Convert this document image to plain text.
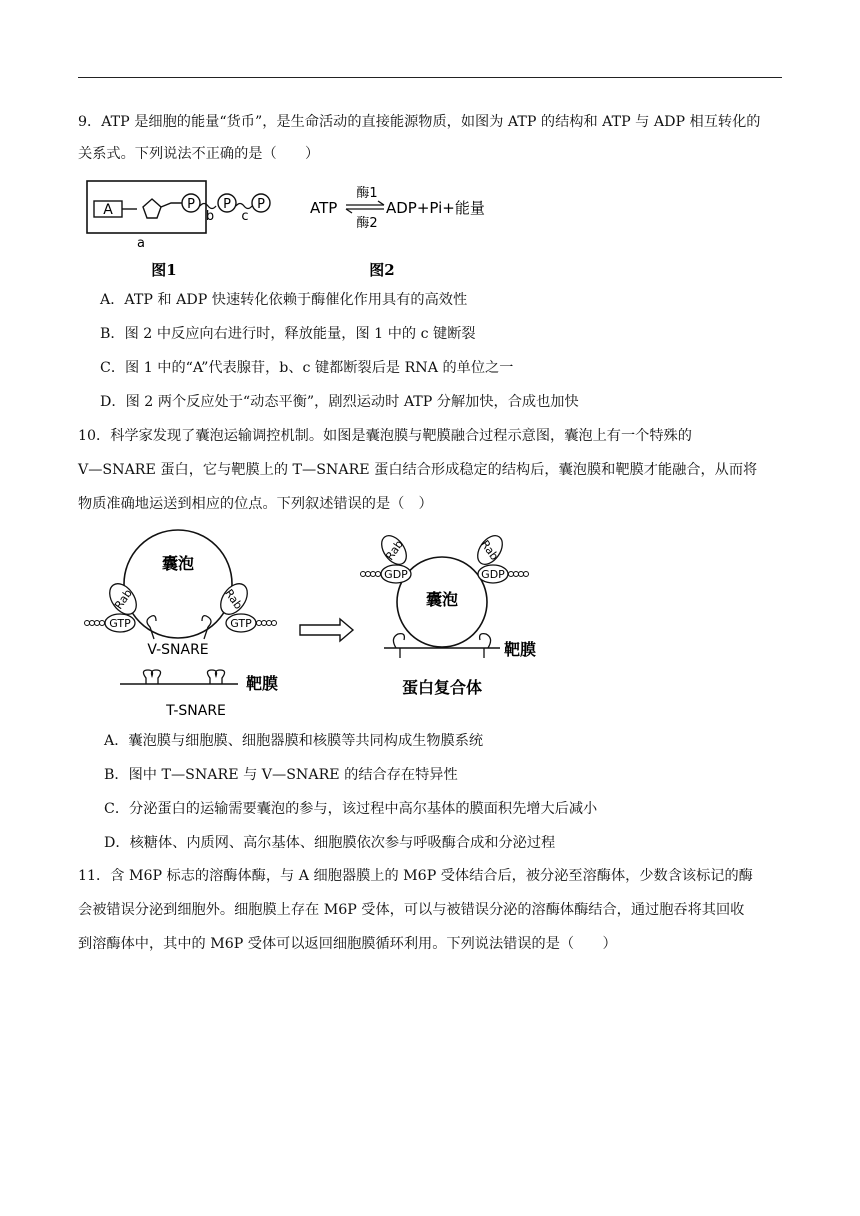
9．ATP 是细胞的能量“货币”，是生命活动的直接能源物质，如图为 ATP 的结构和 ATP 与 ADP 相互转化的
关系式。下列说法不正确的是（　　）
A	P P P
b c
a
图1
ATP
酶1
酶2
ADP+Pi+能量
图2
A．ATP 和 ADP 快速转化依赖于酶催化作用具有的高效性
B．图 2 中反应向右进行时，释放能量，图 1 中的 c 键断裂
C．图 1 中的“A”代表腺苷，b、c 键都断裂后是 RNA 的单位之一
D．图 2 两个反应处于“动态平衡”，剧烈运动时 ATP 分解加快，合成也加快
10．科学家发现了囊泡运输调控机制。如图是囊泡膜与靶膜融合过程示意图，囊泡上有一个特殊的
V—SNARE 蛋白，它与靶膜上的 T—SNARE 蛋白结合形成稳定的结构后，囊泡膜和靶膜才能融合，从而将
物质准确地运送到相应的位点。下列叙述错误的是（　）
囊泡
Rab
GTP
Rab
GTP
V-SNARE
靶膜
T-SNARE
囊泡
Rab
GDP
Rab
GDP
靶膜
蛋白复合体
A．囊泡膜与细胞膜、细胞器膜和核膜等共同构成生物膜系统
B．图中 T—SNARE 与 V—SNARE 的结合存在特异性
C．分泌蛋白的运输需要囊泡的参与，该过程中高尔基体的膜面积先增大后减小
D．核糖体、内质网、高尔基体、细胞膜依次参与呼吸酶合成和分泌过程
11．含 M6P 标志的溶酶体酶，与 A 细胞器膜上的 M6P 受体结合后，被分泌至溶酶体，少数含该标记的酶
会被错误分泌到细胞外。细胞膜上存在 M6P 受体，可以与被错误分泌的溶酶体酶结合，通过胞吞将其回收
到溶酶体中，其中的 M6P 受体可以返回细胞膜循环利用。下列说法错误的是（　　）
